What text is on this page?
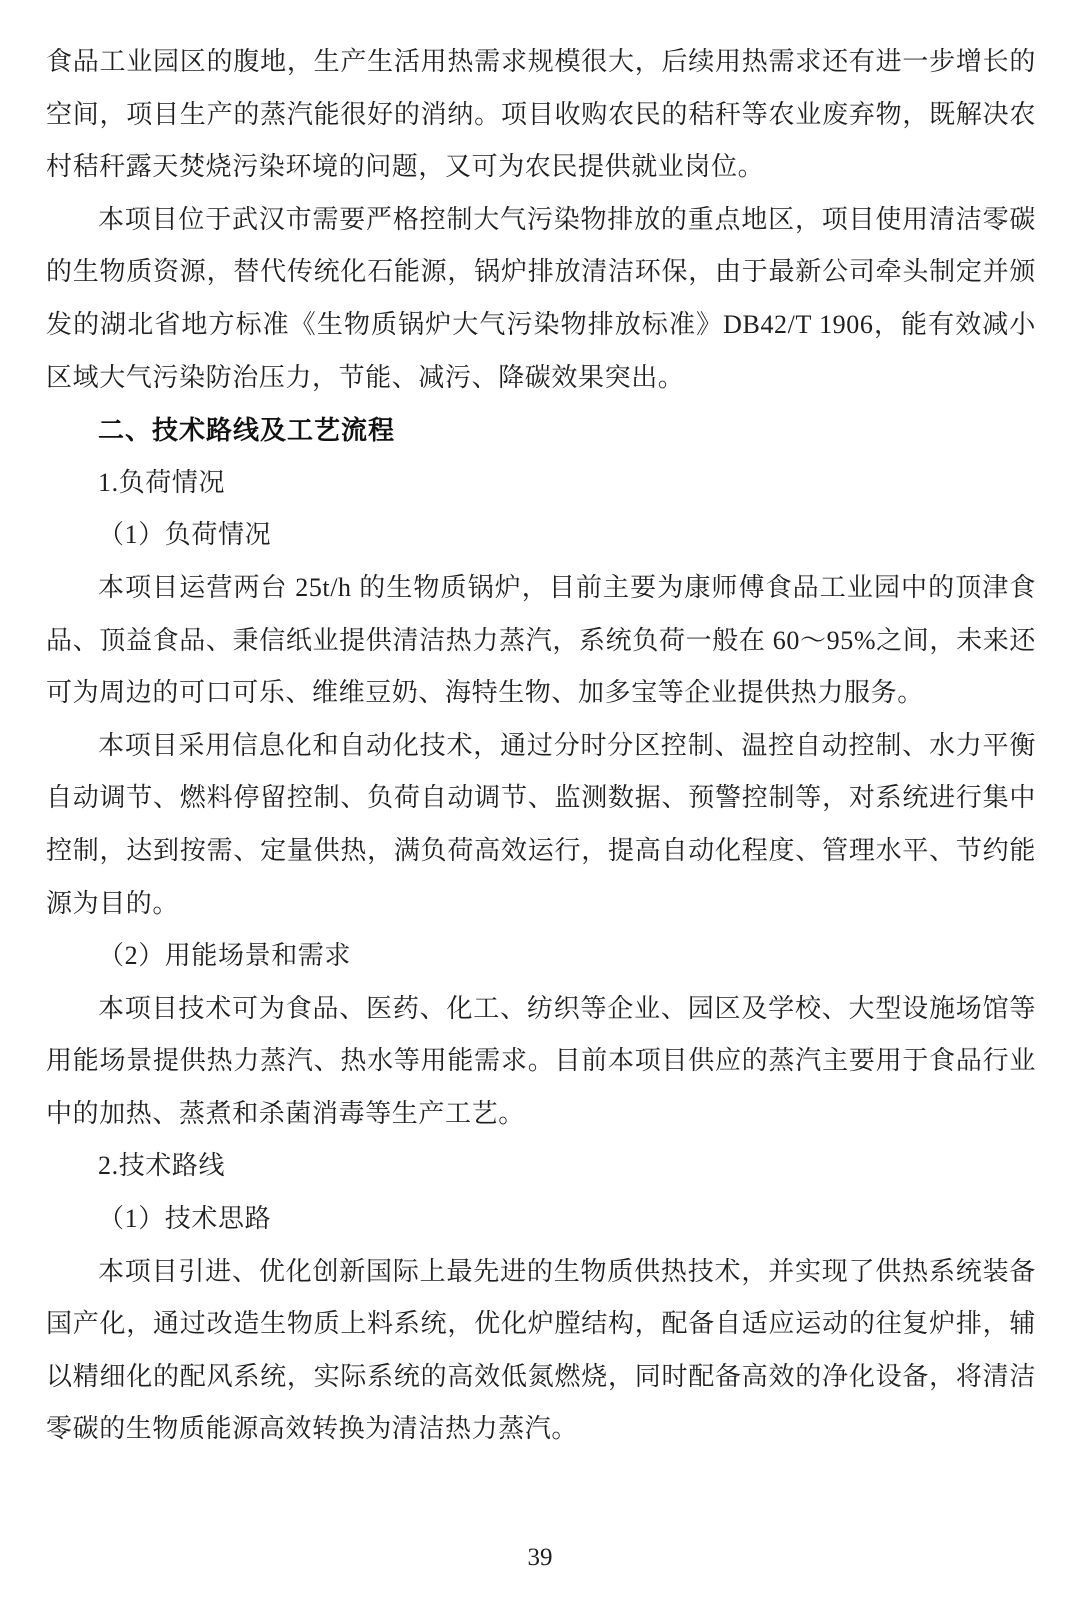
食品工业园区的腹地，生产生活用热需求规模很大，后续用热需求还有进一步增长的空间，项目生产的蒸汽能很好的消纳。项目收购农民的秸秆等农业废弃物，既解决农村秸秆露天焚烧污染环境的问题，又可为农民提供就业岗位。

本项目位于武汉市需要严格控制大气污染物排放的重点地区，项目使用清洁零碳的生物质资源，替代传统化石能源，锅炉排放清洁环保，由于最新公司牵头制定并颁发的湖北省地方标准《生物质锅炉大气污染物排放标准》DB42/T 1906，能有效减小区域大气污染防治压力，节能、减污、降碳效果突出。

二、技术路线及工艺流程

1.负荷情况

（1）负荷情况

本项目运营两台 25t/h 的生物质锅炉，目前主要为康师傅食品工业园中的顶津食品、顶益食品、秉信纸业提供清洁热力蒸汽，系统负荷一般在 60～95%之间，未来还可为周边的可口可乐、维维豆奶、海特生物、加多宝等企业提供热力服务。

本项目采用信息化和自动化技术，通过分时分区控制、温控自动控制、水力平衡自动调节、燃料停留控制、负荷自动调节、监测数据、预警控制等，对系统进行集中控制，达到按需、定量供热，满负荷高效运行，提高自动化程度、管理水平、节约能源为目的。

（2）用能场景和需求

本项目技术可为食品、医药、化工、纺织等企业、园区及学校、大型设施场馆等用能场景提供热力蒸汽、热水等用能需求。目前本项目供应的蒸汽主要用于食品行业中的加热、蒸煮和杀菌消毒等生产工艺。

2.技术路线

（1）技术思路

本项目引进、优化创新国际上最先进的生物质供热技术，并实现了供热系统装备国产化，通过改造生物质上料系统，优化炉膛结构，配备自适应运动的往复炉排，辅以精细化的配风系统，实际系统的高效低氮燃烧，同时配备高效的净化设备，将清洁零碳的生物质能源高效转换为清洁热力蒸汽。

39
